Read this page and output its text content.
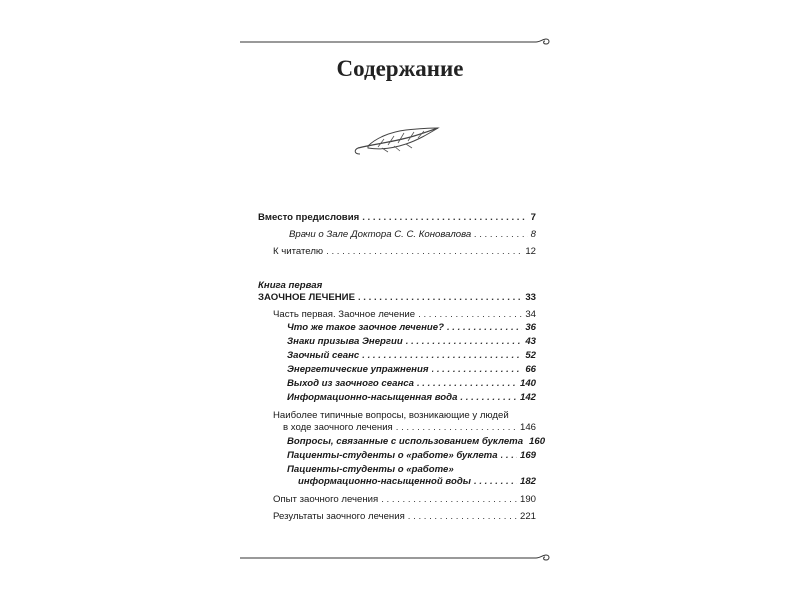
Содержание
Вместо предисловия . . .	7
Врачи о Зале Доктора С. С. Коновалова . . .	8
К читателю . . .	12
Книга первая
ЗАОЧНОЕ ЛЕЧЕНИЕ . . .	33
Часть первая. Заочное лечение . . .	34
Что же такое заочное лечение? . . .	36
Знаки призыва Энергии . . .	43
Заочный сеанс . . .	52
Энергетические упражнения . . .	66
Выход из заочного сеанса . . .	140
Информационно-насыщенная вода . . .	142
Наиболее типичные вопросы, возникающие у людей
в ходе заочного лечения . . .	146
Вопросы, связанные с использованием буклета 160
Пациенты-студенты о «работе» буклета . . . 169
Пациенты-студенты о «работе»
информационно-насыщенной воды . . .	182
Опыт заочного лечения . . .	190
Результаты заочного лечения . . .	221
